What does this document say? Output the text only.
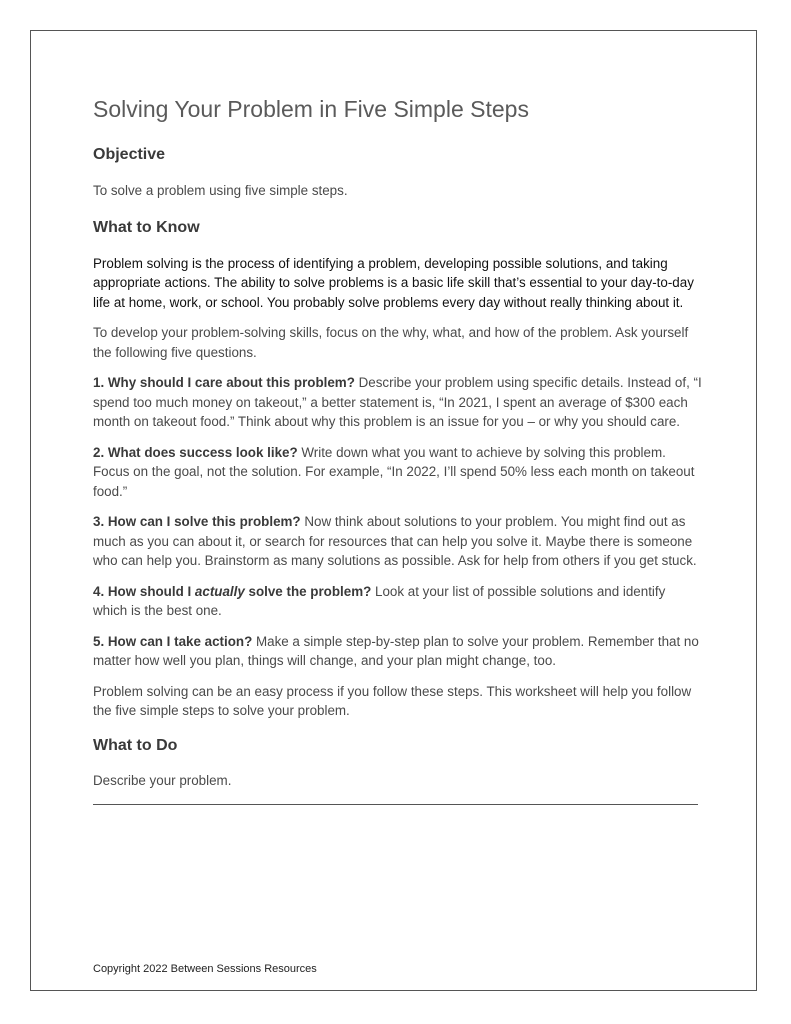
Solving Your Problem in Five Simple Steps
Objective

To solve a problem using five simple steps.

What to Know

Problem solving is the process of identifying a problem, developing possible solutions, and taking appropriate actions. The ability to solve problems is a basic life skill that’s essential to your day-to-day life at home, work, or school. You probably solve problems every day without really thinking about it.

To develop your problem-solving skills, focus on the why, what, and how of the problem. Ask yourself the following five questions.

1. Why should I care about this problem? Describe your problem using specific details. Instead of, “I spend too much money on takeout,” a better statement is, “In 2021, I spent an average of $300 each month on takeout food.” Think about why this problem is an issue for you – or why you should care.

2. What does success look like? Write down what you want to achieve by solving this problem. Focus on the goal, not the solution. For example, “In 2022, I’ll spend 50% less each month on takeout food.”

3. How can I solve this problem? Now think about solutions to your problem. You might find out as much as you can about it, or search for resources that can help you solve it. Maybe there is someone who can help you. Brainstorm as many solutions as possible. Ask for help from others if you get stuck.

4. How should I actually solve the problem? Look at your list of possible solutions and identify which is the best one.

5. How can I take action? Make a simple step-by-step plan to solve your problem. Remember that no matter how well you plan, things will change, and your plan might change, too.

Problem solving can be an easy process if you follow these steps. This worksheet will help you follow the five simple steps to solve your problem.

What to Do

Describe your problem.

Copyright 2022 Between Sessions Resources
